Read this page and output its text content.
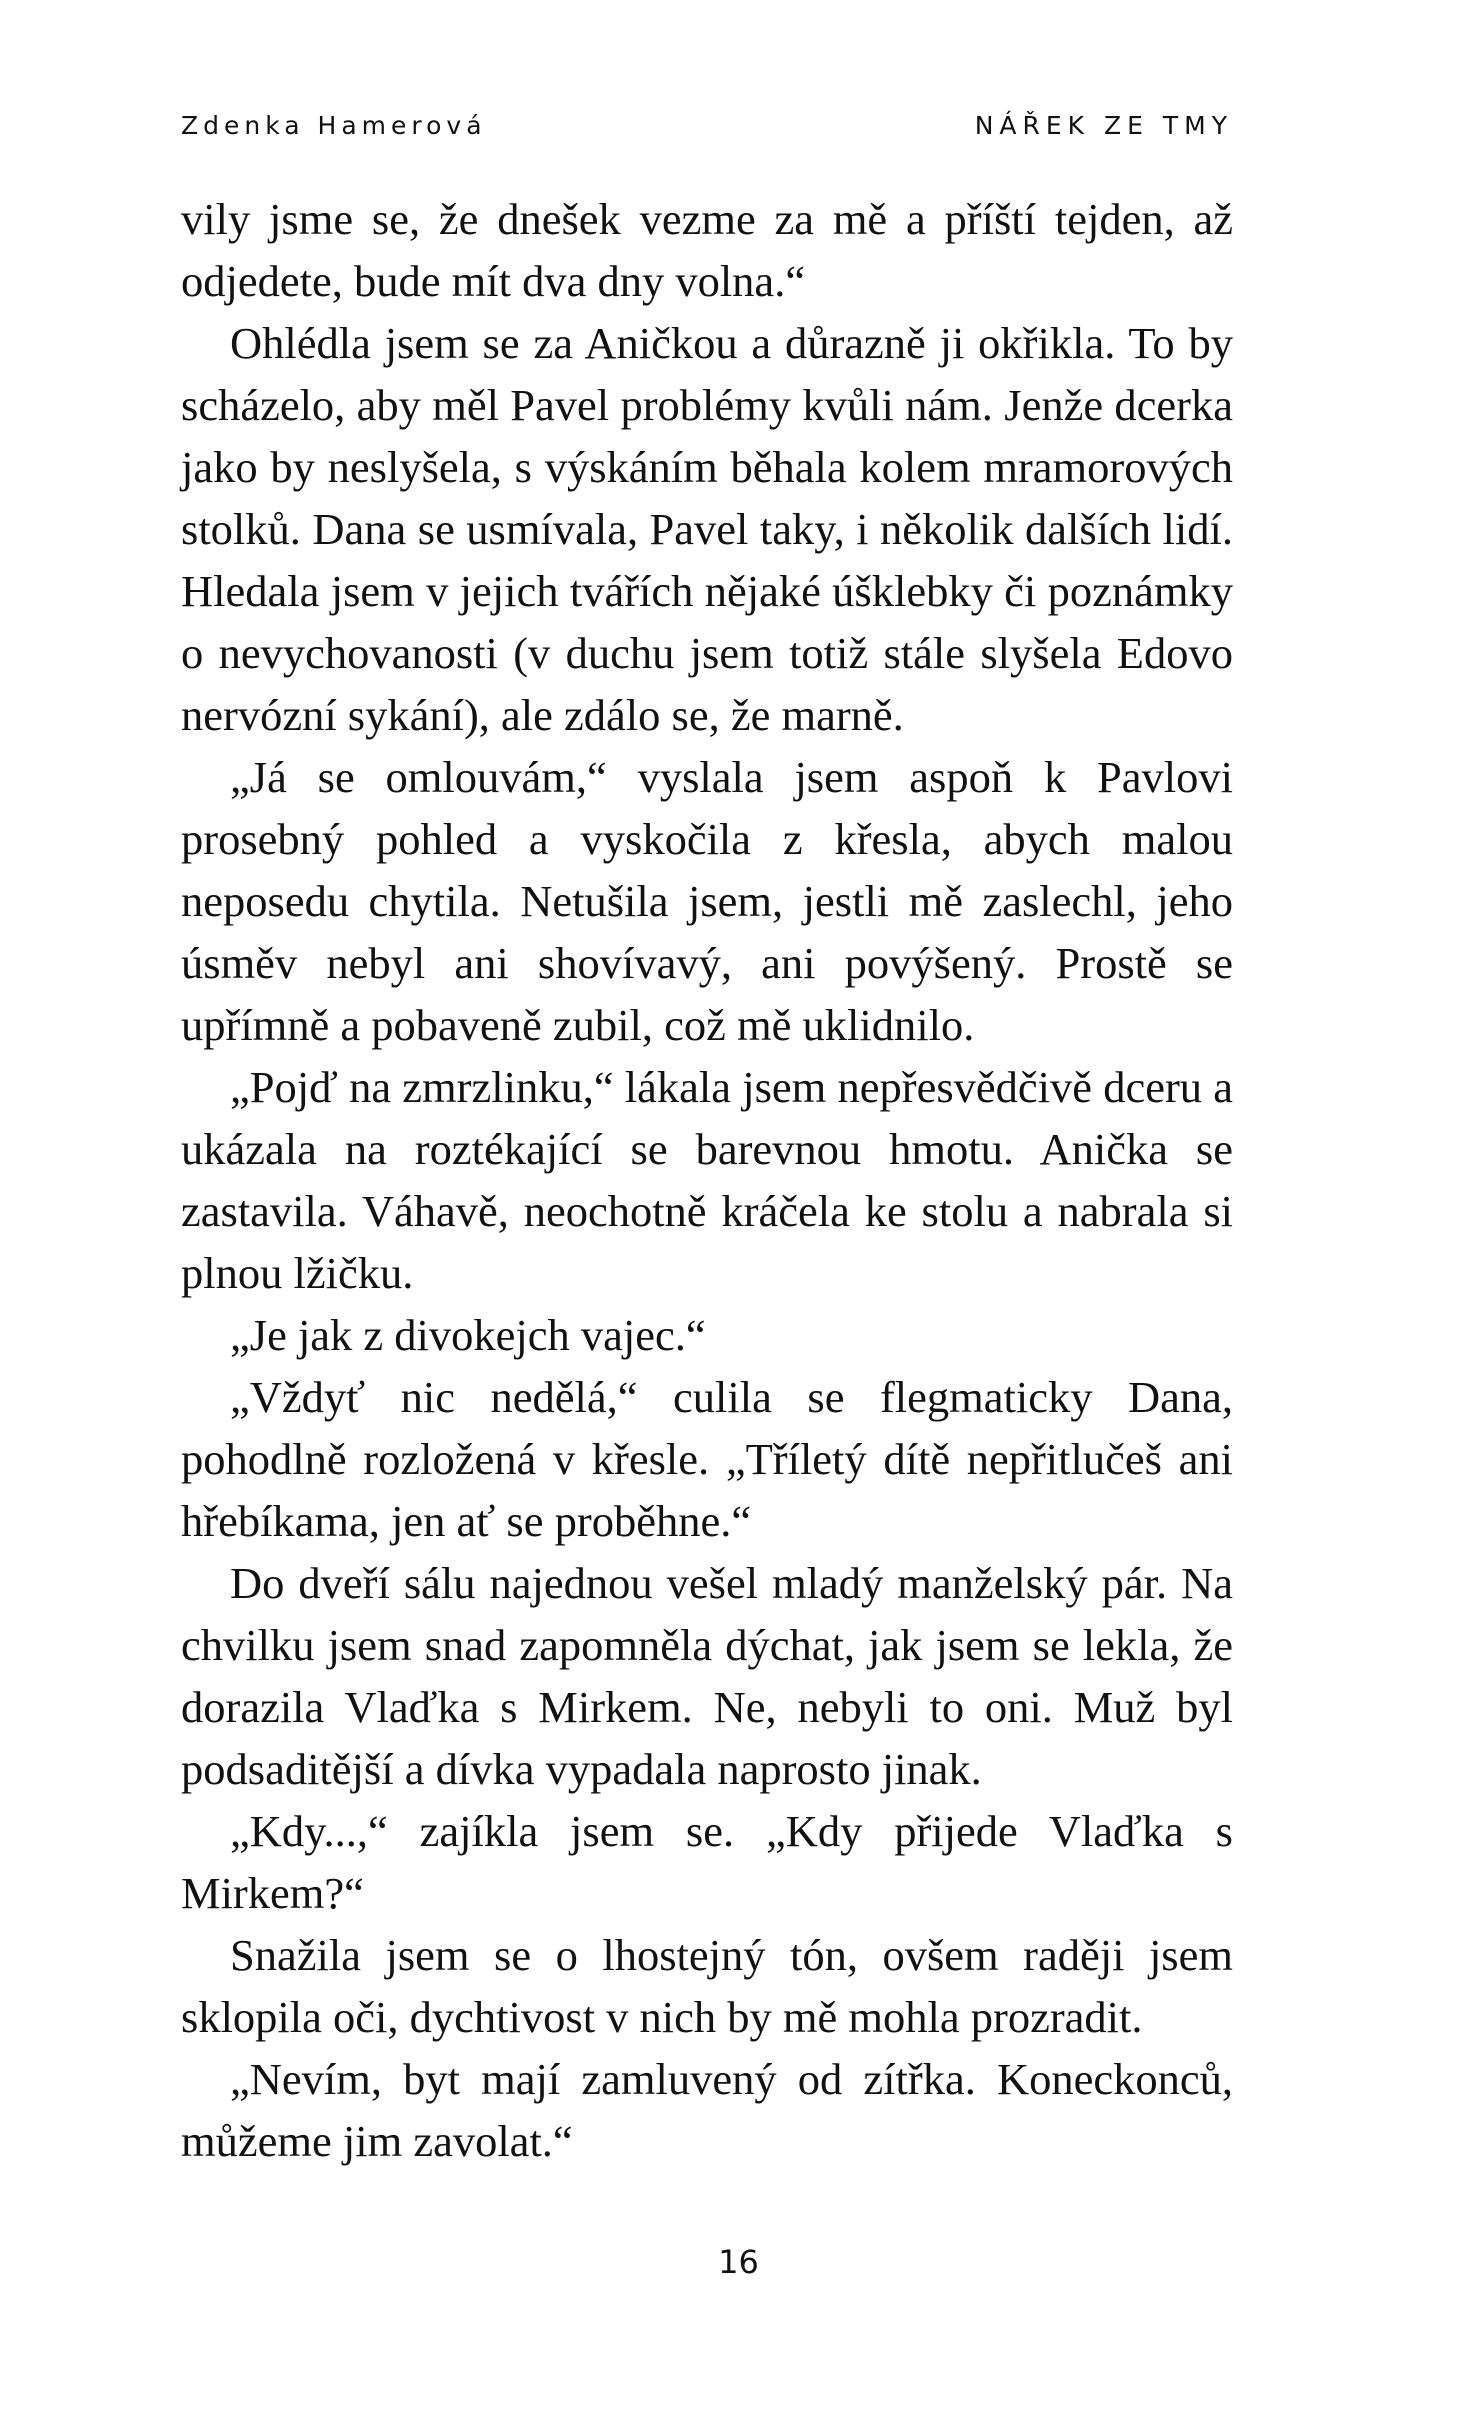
Zdenka Hamerová	NÁŘEK ZE TMY

vily jsme se, že dnešek vezme za mě a příští tejden, až odjedete, bude mít dva dny volna.“

Ohlédla jsem se za Aničkou a důrazně ji okřikla. To by scházelo, aby měl Pavel problémy kvůli nám. Jenže dcerka jako by neslyšela, s výskáním běhala kolem mramorových stolků. Dana se usmívala, Pavel taky, i několik dalších lidí. Hledala jsem v jejich tvářích nějaké úšklebky či poznámky o nevychovanosti (v duchu jsem totiž stále slyšela Edovo nervózní sykání), ale zdálo se, že marně.

„Já se omlouvám,“ vyslala jsem aspoň k Pavlovi prosebný pohled a vyskočila z křesla, abych malou neposedu chytila. Netušila jsem, jestli mě zaslechl, jeho úsměv nebyl ani shovívavý, ani povýšený. Prostě se upřímně a pobaveně zubil, což mě uklidnilo.

„Pojď na zmrzlinku,“ lákala jsem nepřesvědčivě dceru a ukázala na roztékající se barevnou hmotu. Anička se zastavila. Váhavě, neochotně kráčela ke stolu a nabrala si plnou lžičku.

„Je jak z divokejch vajec.“

„Vždyť nic nedělá,“ culila se flegmaticky Dana, pohodlně rozložená v křesle. „Tříletý dítě nepřitlučeš ani hřebíkama, jen ať se proběhne.“

Do dveří sálu najednou vešel mladý manželský pár. Na chvilku jsem snad zapomněla dýchat, jak jsem se lekla, že dorazila Vlaďka s Mirkem. Ne, nebyli to oni. Muž byl podsaditější a dívka vypadala naprosto jinak.

„Kdy...,“ zajíkla jsem se. „Kdy přijede Vlaďka s Mirkem?“

Snažila jsem se o lhostejný tón, ovšem raději jsem sklopila oči, dychtivost v nich by mě mohla prozradit.

„Nevím, byt mají zamluvený od zítřka. Koneckonců, můžeme jim zavolat.“

16
